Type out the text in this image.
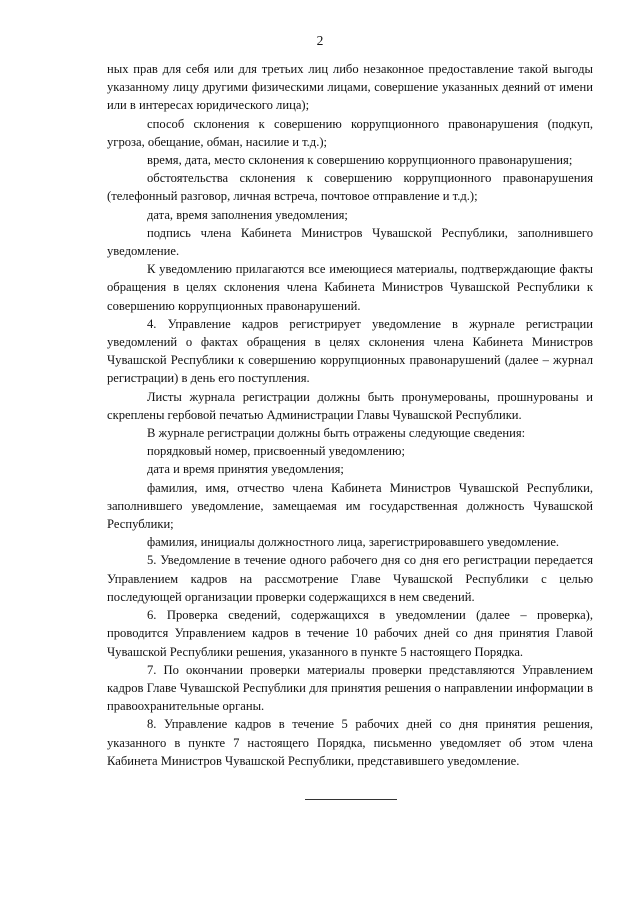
2

ных прав для себя или для третьих лиц либо незаконное предоставление такой выгоды указанному лицу другими физическими лицами, совершение указанных деяний от имени или в интересах юридического лица);

способ склонения к совершению коррупционного правонарушения (подкуп, угроза, обещание, обман, насилие и т.д.);

время, дата, место склонения к совершению коррупционного правонарушения;

обстоятельства склонения к совершению коррупционного правонарушения (телефонный разговор, личная встреча, почтовое отправление и т.д.);

дата, время заполнения уведомления;

подпись члена Кабинета Министров Чувашской Республики, заполнившего уведомление.

К уведомлению прилагаются все имеющиеся материалы, подтверждающие факты обращения в целях склонения члена Кабинета Министров Чувашской Республики к совершению коррупционных правонарушений.

4. Управление кадров регистрирует уведомление в журнале регистрации уведомлений о фактах обращения в целях склонения члена Кабинета Министров Чувашской Республики к совершению коррупционных правонарушений (далее – журнал регистрации) в день его поступления.

Листы журнала регистрации должны быть пронумерованы, прошнурованы и скреплены гербовой печатью Администрации Главы Чувашской Республики.

В журнале регистрации должны быть отражены следующие сведения:

порядковый номер, присвоенный уведомлению;

дата и время принятия уведомления;

фамилия, имя, отчество члена Кабинета Министров Чувашской Республики, заполнившего уведомление, замещаемая им государственная должность Чувашской Республики;

фамилия, инициалы должностного лица, зарегистрировавшего уведомление.

5. Уведомление в течение одного рабочего дня со дня его регистрации передается Управлением кадров на рассмотрение Главе Чувашской Республики с целью последующей организации проверки содержащихся в нем сведений.

6. Проверка сведений, содержащихся в уведомлении (далее – проверка), проводится Управлением кадров в течение 10 рабочих дней со дня принятия Главой Чувашской Республики решения, указанного в пункте 5 настоящего Порядка.

7. По окончании проверки материалы проверки представляются Управлением кадров Главе Чувашской Республики для принятия решения о направлении информации в правоохранительные органы.

8. Управление кадров в течение 5 рабочих дней со дня принятия решения, указанного в пункте 7 настоящего Порядка, письменно уведомляет об этом члена Кабинета Министров Чувашской Республики, представившего уведомление.
